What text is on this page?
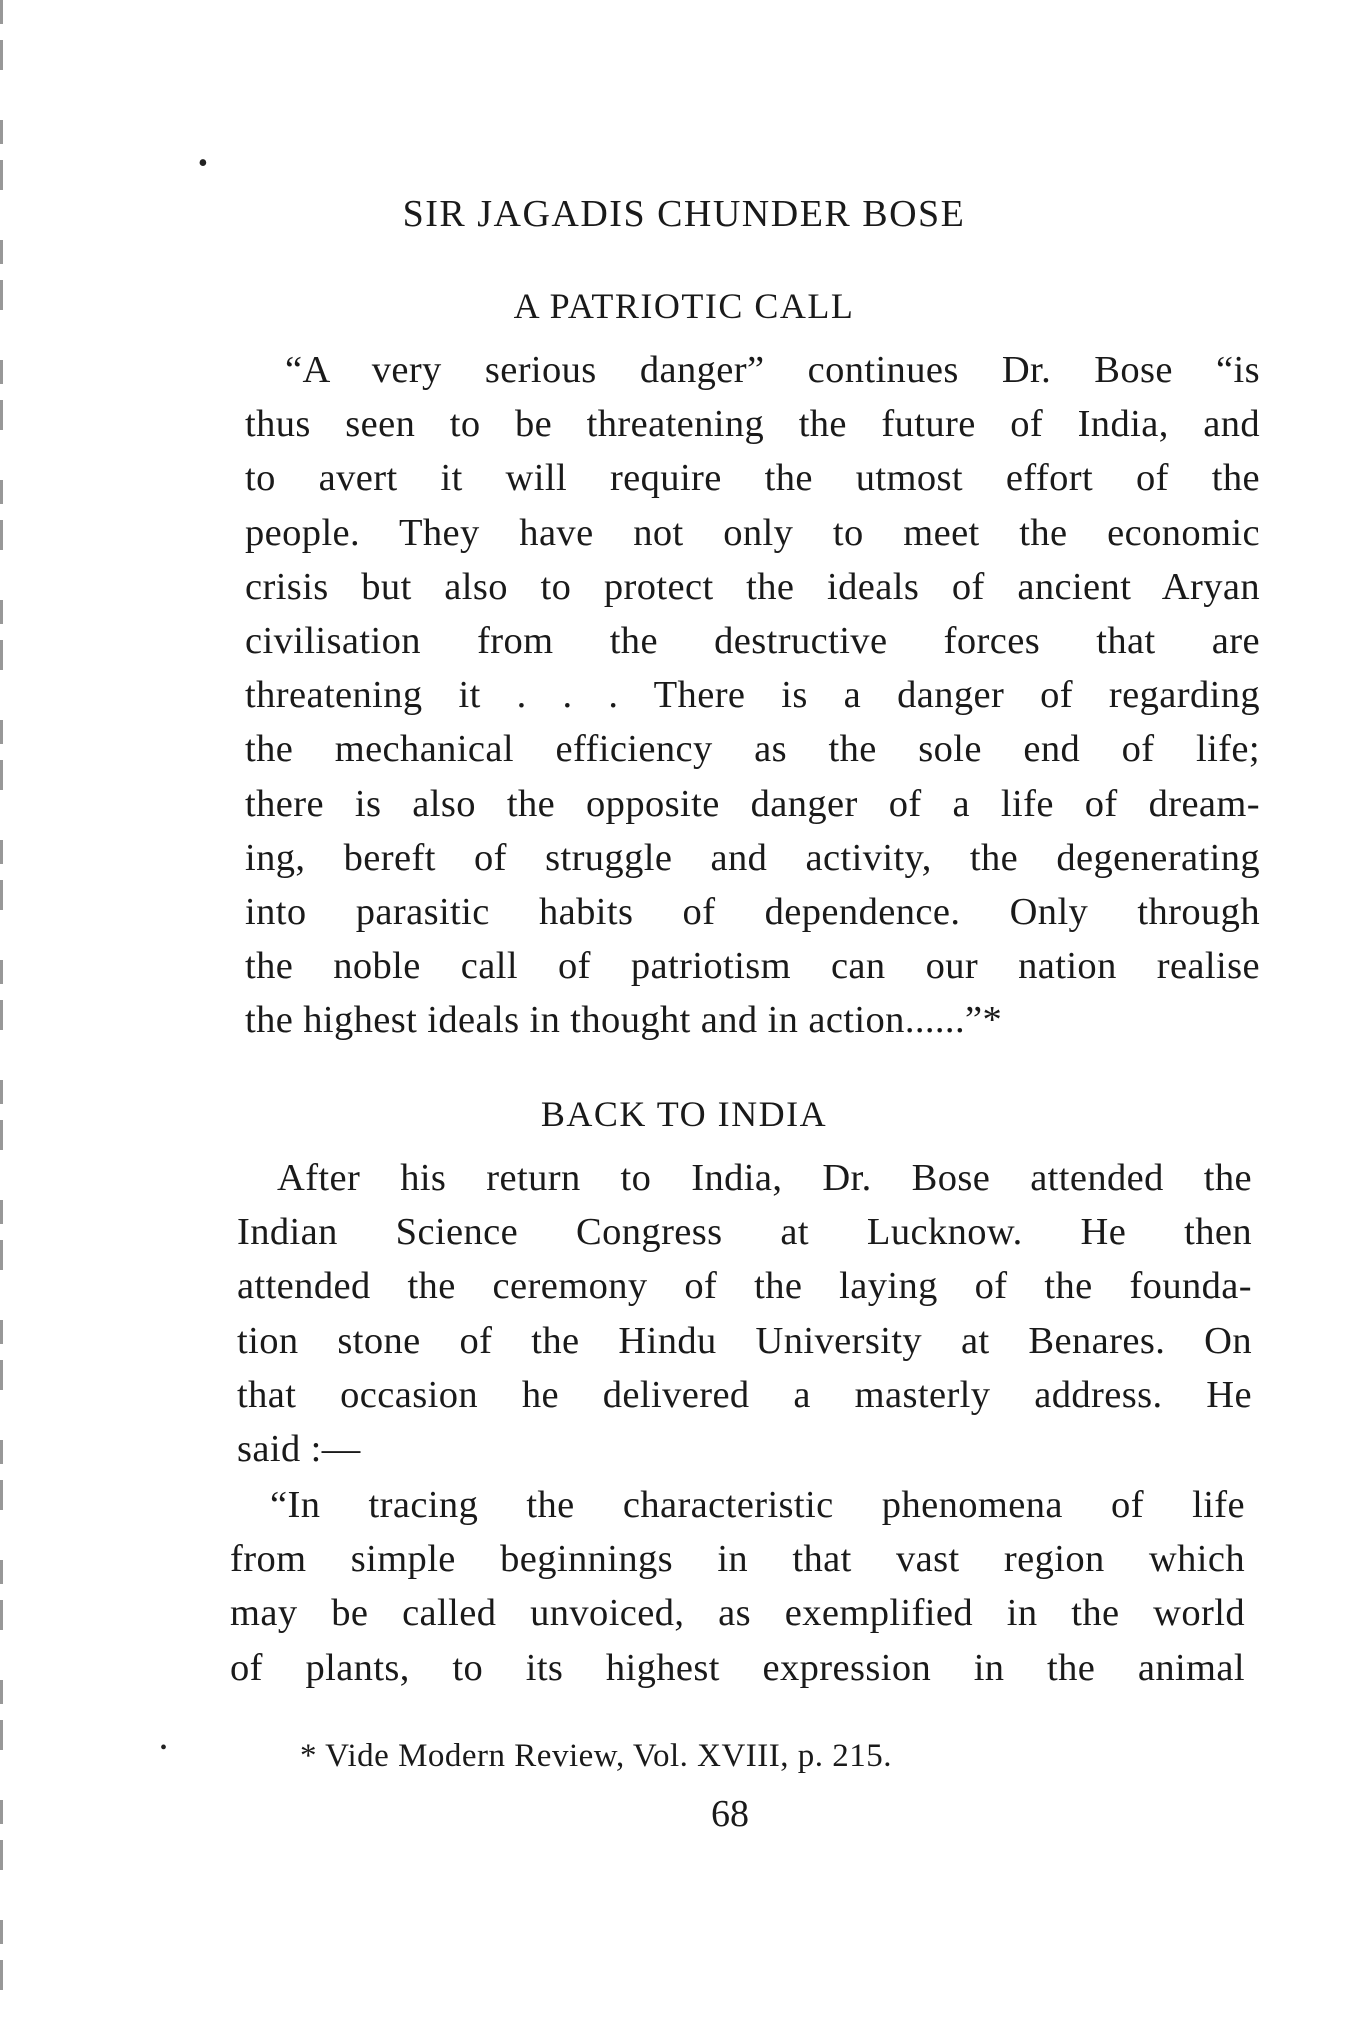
•
•
SIR JAGADIS CHUNDER BOSE
A PATRIOTIC CALL
“A very serious danger” continues Dr. Bose “is
thus seen to be threatening the future of India, and
to avert it will require the utmost effort of the
people. They have not only to meet the economic
crisis but also to protect the ideals of ancient Aryan
civilisation from the destructive forces that are
threatening it . . . There is a danger of regarding
the mechanical efficiency as the sole end of life;
there is also the opposite danger of a life of dream-
ing, bereft of struggle and activity, the degenerating
into parasitic habits of dependence. Only through
the noble call of patriotism can our nation realise
the highest ideals in thought and in action......”*
BACK TO INDIA
After his return to India, Dr. Bose attended the
Indian Science Congress at Lucknow. He then
attended the ceremony of the laying of the founda-
tion stone of the Hindu University at Benares. On
that occasion he delivered a masterly address. He
said :—
“In tracing the characteristic phenomena of life
from simple beginnings in that vast region which
may be called unvoiced, as exemplified in the world
of plants, to its highest expression in the animal
* Vide Modern Review, Vol. XVIII, p. 215.
68
